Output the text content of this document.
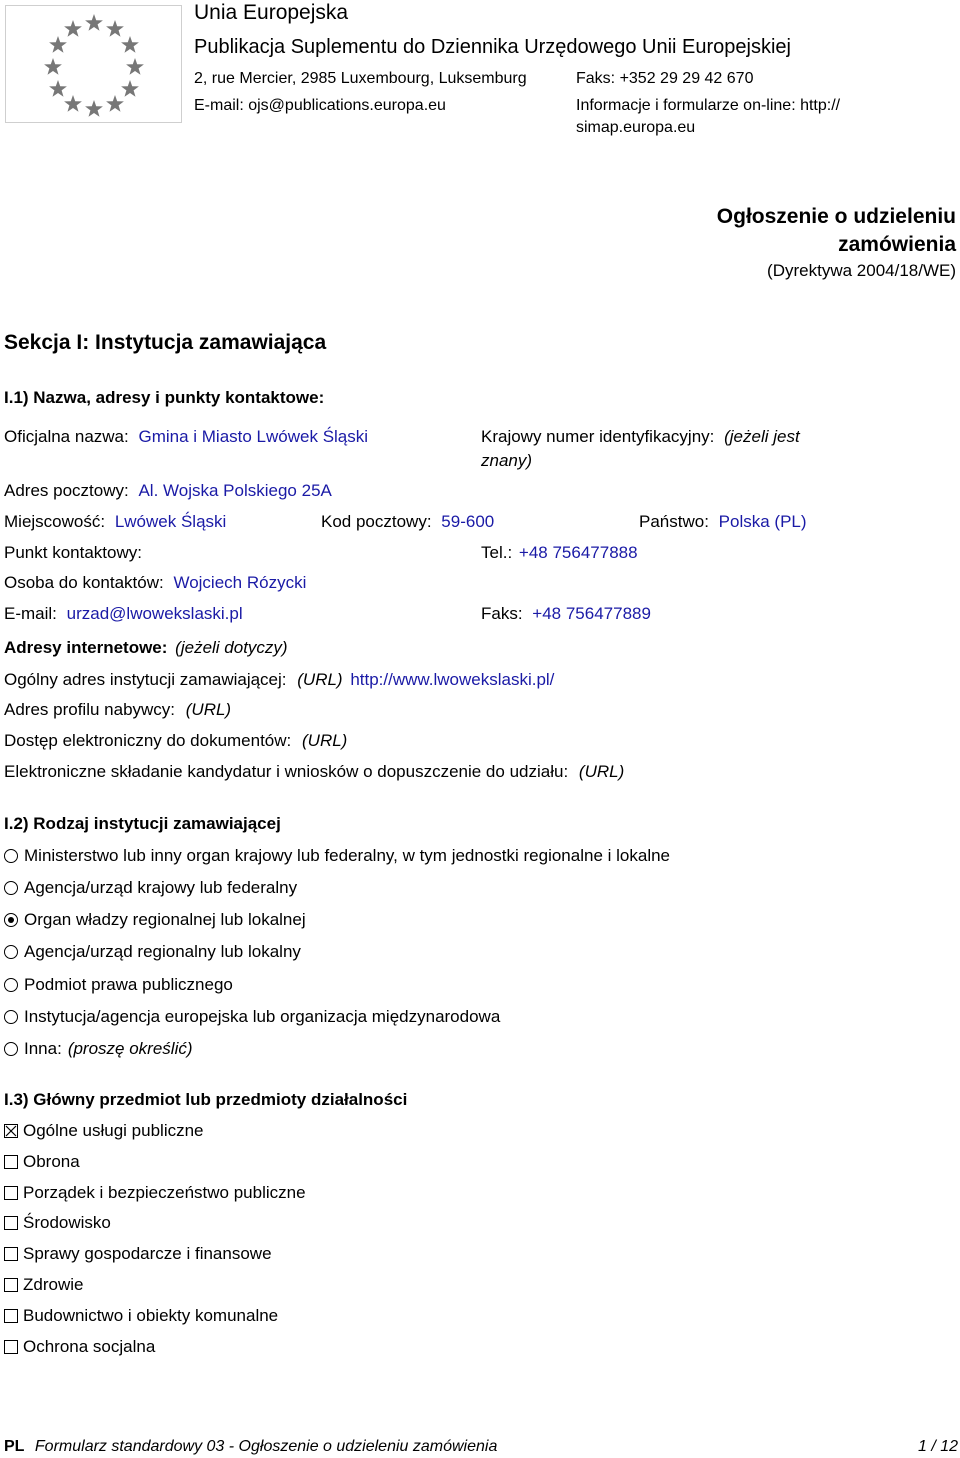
Unia Europejska
Publikacja Suplementu do Dziennika Urzędowego Unii Europejskiej
2, rue Mercier, 2985 Luxembourg, Luksemburg	Faks: +352 29 29 42 670
E-mail: ojs@publications.europa.eu	Informacje i formularze on-line: http://
simap.europa.eu
Ogłoszenie o udzieleniu
zamówienia
(Dyrektywa 2004/18/WE)
Sekcja I: Instytucja zamawiająca
I.1) Nazwa, adresy i punkty kontaktowe:
Oficjalna nazwa: Gmina i Miasto Lwówek Śląski	Krajowy numer identyfikacyjny: (jeżeli jest
znany)
Adres pocztowy: Al. Wojska Polskiego 25A
Miejscowość: Lwówek Śląski	Kod pocztowy: 59-600	Państwo: Polska (PL)
Punkt kontaktowy:	Tel.: +48 756477888
Osoba do kontaktów: Wojciech Rózycki
E-mail: urzad@lwowekslaski.pl	Faks: +48 756477889
Adresy internetowe: (jeżeli dotyczy)
Ogólny adres instytucji zamawiającej: (URL) http://www.lwowekslaski.pl/
Adres profilu nabywcy: (URL)
Dostęp elektroniczny do dokumentów: (URL)
Elektroniczne składanie kandydatur i wniosków o dopuszczenie do udziału: (URL)
I.2) Rodzaj instytucji zamawiającej
Ministerstwo lub inny organ krajowy lub federalny, w tym jednostki regionalne i lokalne
Agencja/urząd krajowy lub federalny
Organ władzy regionalnej lub lokalnej
Agencja/urząd regionalny lub lokalny
Podmiot prawa publicznego
Instytucja/agencja europejska lub organizacja międzynarodowa
Inna: (proszę określić)
I.3) Główny przedmiot lub przedmioty działalności
Ogólne usługi publiczne
Obrona
Porządek i bezpieczeństwo publiczne
Środowisko
Sprawy gospodarcze i finansowe
Zdrowie
Budownictwo i obiekty komunalne
Ochrona socjalna
PL Formularz standardowy 03 - Ogłoszenie o udzieleniu zamówienia	1 / 12
